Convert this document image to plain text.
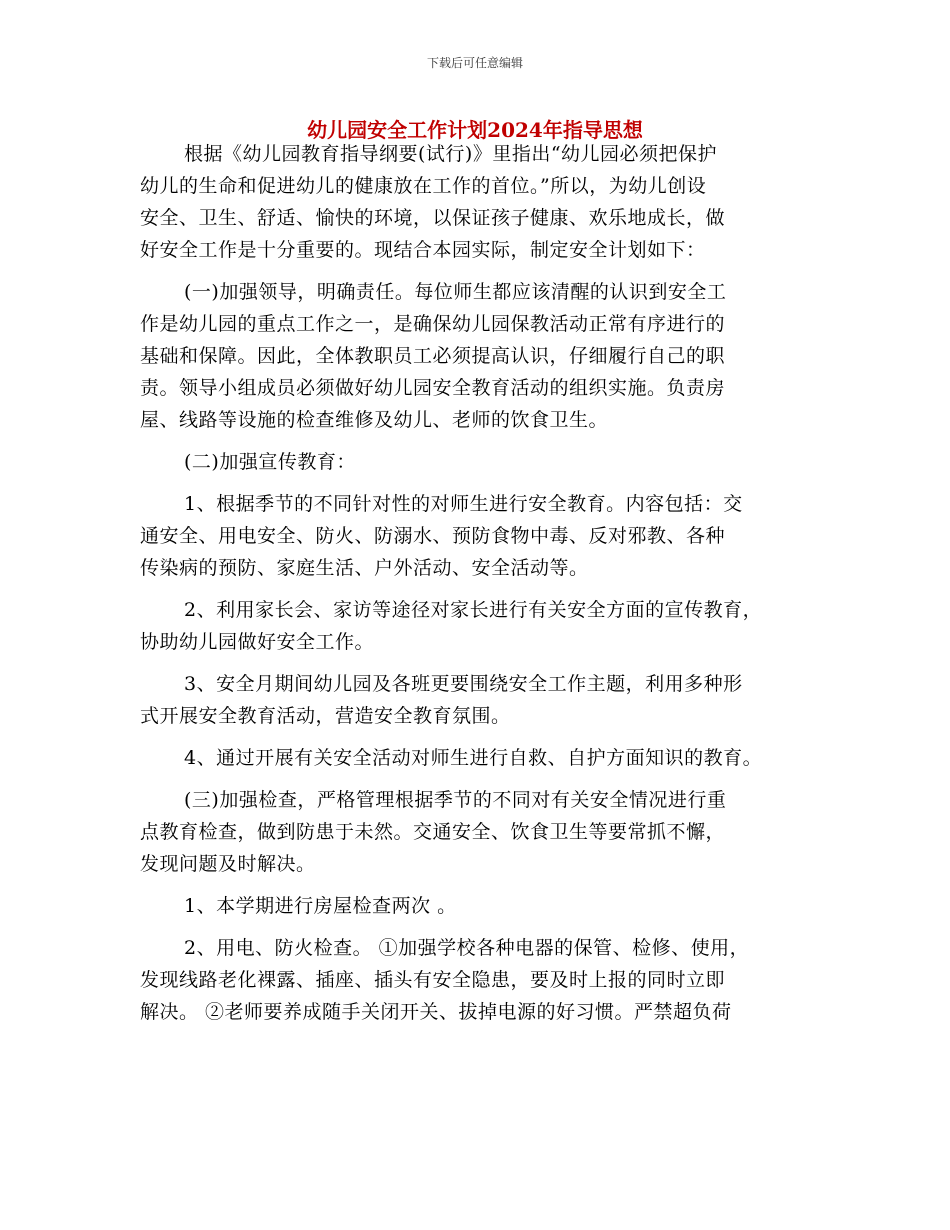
下载后可任意编辑
幼儿园安全工作计划2024年指导思想
根据《幼儿园教育指导纲要(试行)》里指出“幼儿园必须把保护
幼儿的生命和促进幼儿的健康放在工作的首位。”所以，为幼儿创设
安全、卫生、舒适、愉快的环境，以保证孩子健康、欢乐地成长，做
好安全工作是十分重要的。现结合本园实际，制定安全计划如下：
(一)加强领导，明确责任。每位师生都应该清醒的认识到安全工
作是幼儿园的重点工作之一，是确保幼儿园保教活动正常有序进行的
基础和保障。因此，全体教职员工必须提高认识，仔细履行自己的职
责。领导小组成员必须做好幼儿园安全教育活动的组织实施。负责房
屋、线路等设施的检查维修及幼儿、老师的饮食卫生。
(二)加强宣传教育：
1、根据季节的不同针对性的对师生进行安全教育。内容包括：交
通安全、用电安全、防火、防溺水、预防食物中毒、反对邪教、各种
传染病的预防、家庭生活、户外活动、安全活动等。
2、利用家长会、家访等途径对家长进行有关安全方面的宣传教育，
协助幼儿园做好安全工作。
3、安全月期间幼儿园及各班更要围绕安全工作主题，利用多种形
式开展安全教育活动，营造安全教育氛围。
4、通过开展有关安全活动对师生进行自救、自护方面知识的教育。
(三)加强检查，严格管理根据季节的不同对有关安全情况进行重
点教育检查，做到防患于未然。交通安全、饮食卫生等要常抓不懈，
发现问题及时解决。
1、本学期进行房屋检查两次 。
2、用电、防火检查。 ①加强学校各种电器的保管、检修、使用，
发现线路老化裸露、插座、插头有安全隐患，要及时上报的同时立即
解决。 ②老师要养成随手关闭开关、拔掉电源的好习惯。严禁超负荷
